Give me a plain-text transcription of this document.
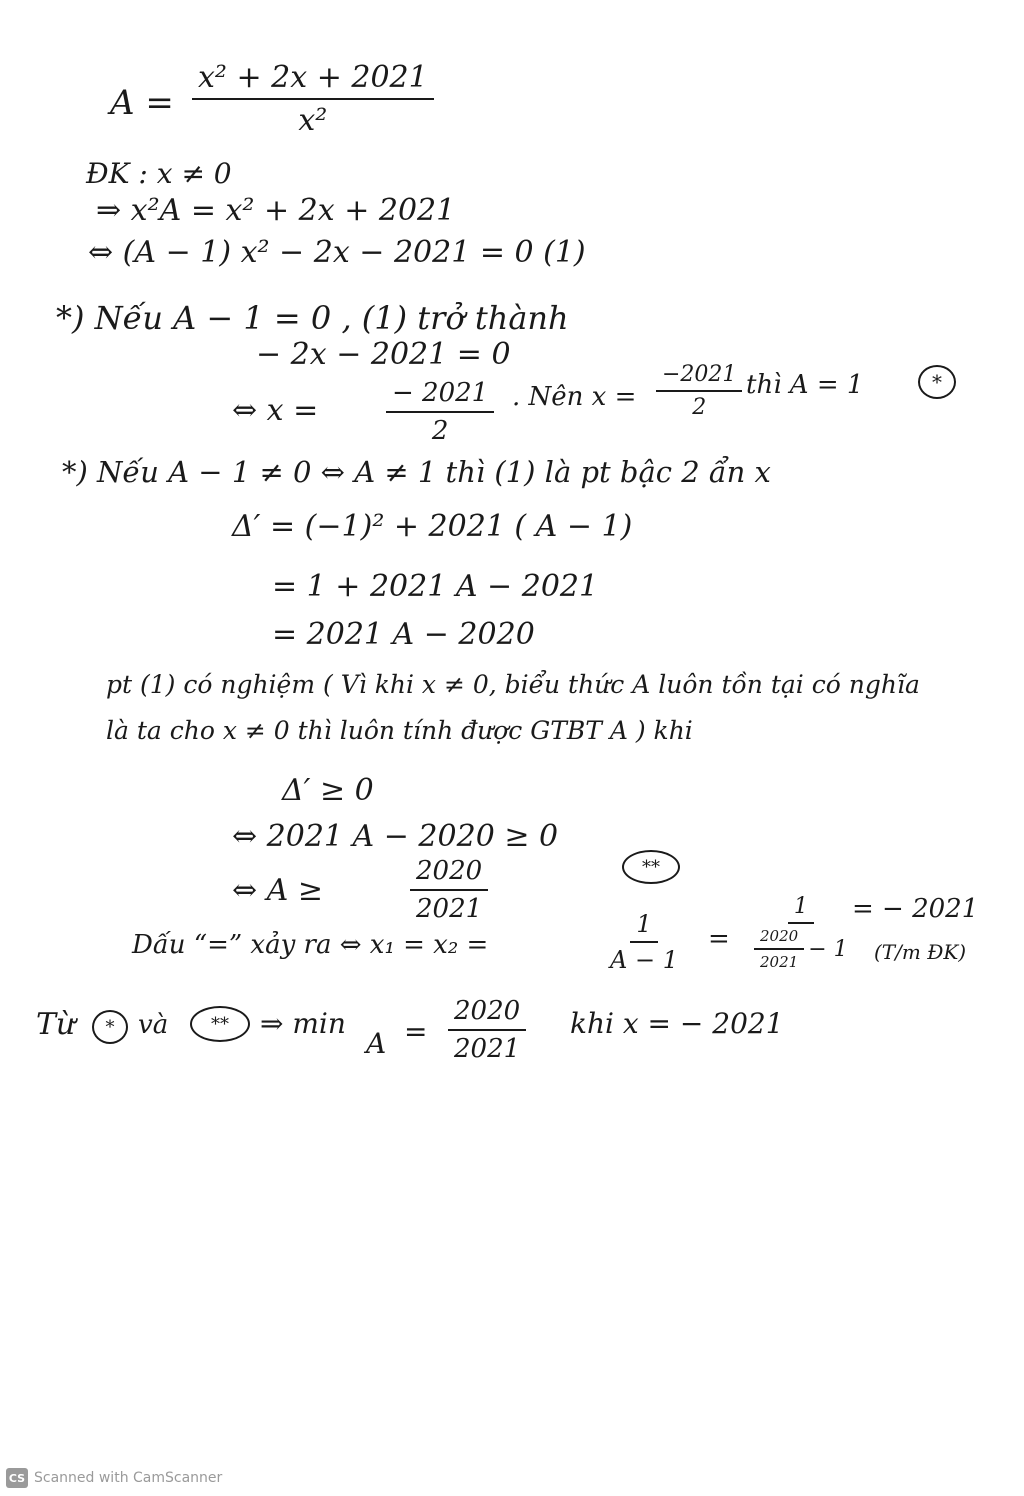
$A = \frac{\text{x² + 2x + 2021}}{\text{x²}}$
ĐK : x ≠ 0
⇒ x²A = x² + 2x + 2021
⇔ (A − 1) x² − 2x − 2021 = 0 (1)
*) Nếu A − 1 = 0 , (1) trở thành
− 2x − 2021 = 0
⇔ x =	$\frac{- 2021}{2}$ . Nên $x = \frac{-2021}{2}$ thì A = 1	*
*) Nếu A − 1 ≠ 0 ⇔ A ≠ 1 thì (1) là pt bậc 2 ẩn x
Δ′ = (−1)² + 2021 ( A − 1)
= 1 + 2021 A − 2021
= 2021 A − 2020
pt (1) có nghiệm ( Vì khi x ≠ 0, biểu thức A luôn tồn tại có nghĩa
là ta cho x ≠ 0 thì luôn tính được GTBT A ) khi
Δ′ ≥ 0
⇔ 2021 A − 2020 ≥ 0
⇔ A ≥	$\frac{2020}{2021}$	**
Dấu “=” xảy ra ⇔ x₁ = x₂ =	$\frac{1}{A - 1} = \frac{1}{\frac{2020}{2021} - 1}$
= − 2021
(T/m ĐK)
Từ	* và	**	⇒ min
$A = \frac{2020}{2021}$ khi x = − 2021
CS Scanned with CamScanner
